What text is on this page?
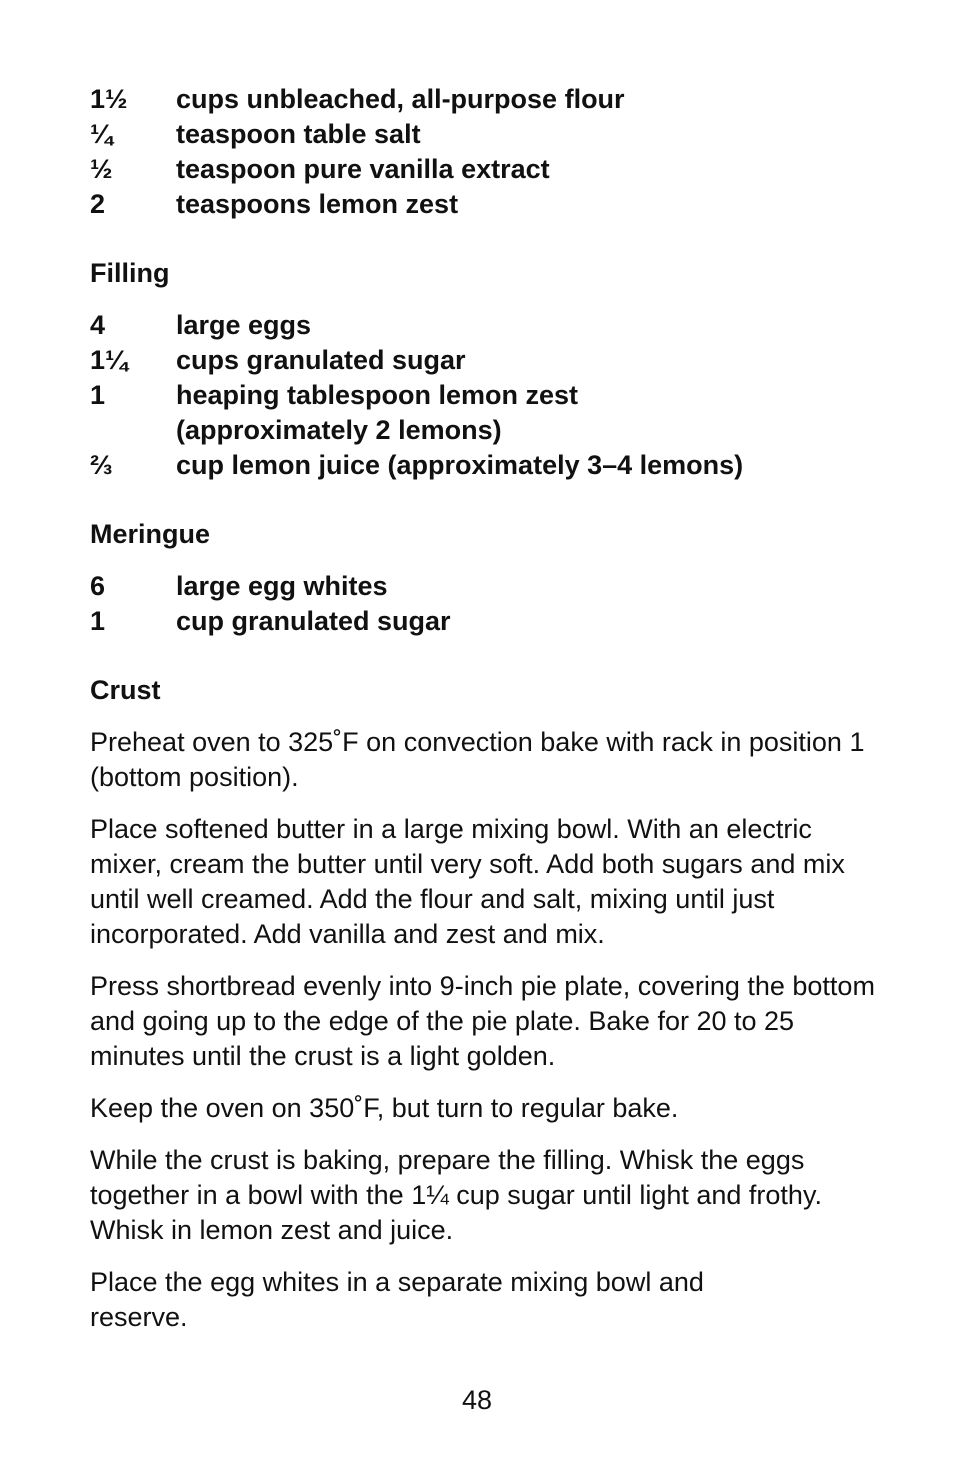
1½	cups unbleached, all-purpose flour
¼	teaspoon table salt
½	teaspoon pure vanilla extract
2	teaspoons lemon zest
Filling
4	large eggs
1¼	cups granulated sugar
1	heaping tablespoon lemon zest
(approximately 2 lemons)
⅔	cup lemon juice (approximately 3–4 lemons)
Meringue
6	large egg whites
1	cup granulated sugar
Crust

Preheat oven to 325˚F on convection bake with rack in position 1 (bottom position).

Place softened butter in a large mixing bowl. With an electric mixer, cream the butter until very soft. Add both sugars and mix until well creamed. Add the flour and salt, mixing until just incorporated. Add vanilla and zest and mix.

Press shortbread evenly into 9-inch pie plate, covering the bottom and going up to the edge of the pie plate. Bake for 20 to 25 minutes until the crust is a light golden.

Keep the oven on 350˚F, but turn to regular bake.

While the crust is baking, prepare the filling. Whisk the eggs together in a bowl with the 1¼ cup sugar until light and frothy. Whisk in lemon zest and juice.

Place the egg whites in a separate mixing bowl and reserve.

48
